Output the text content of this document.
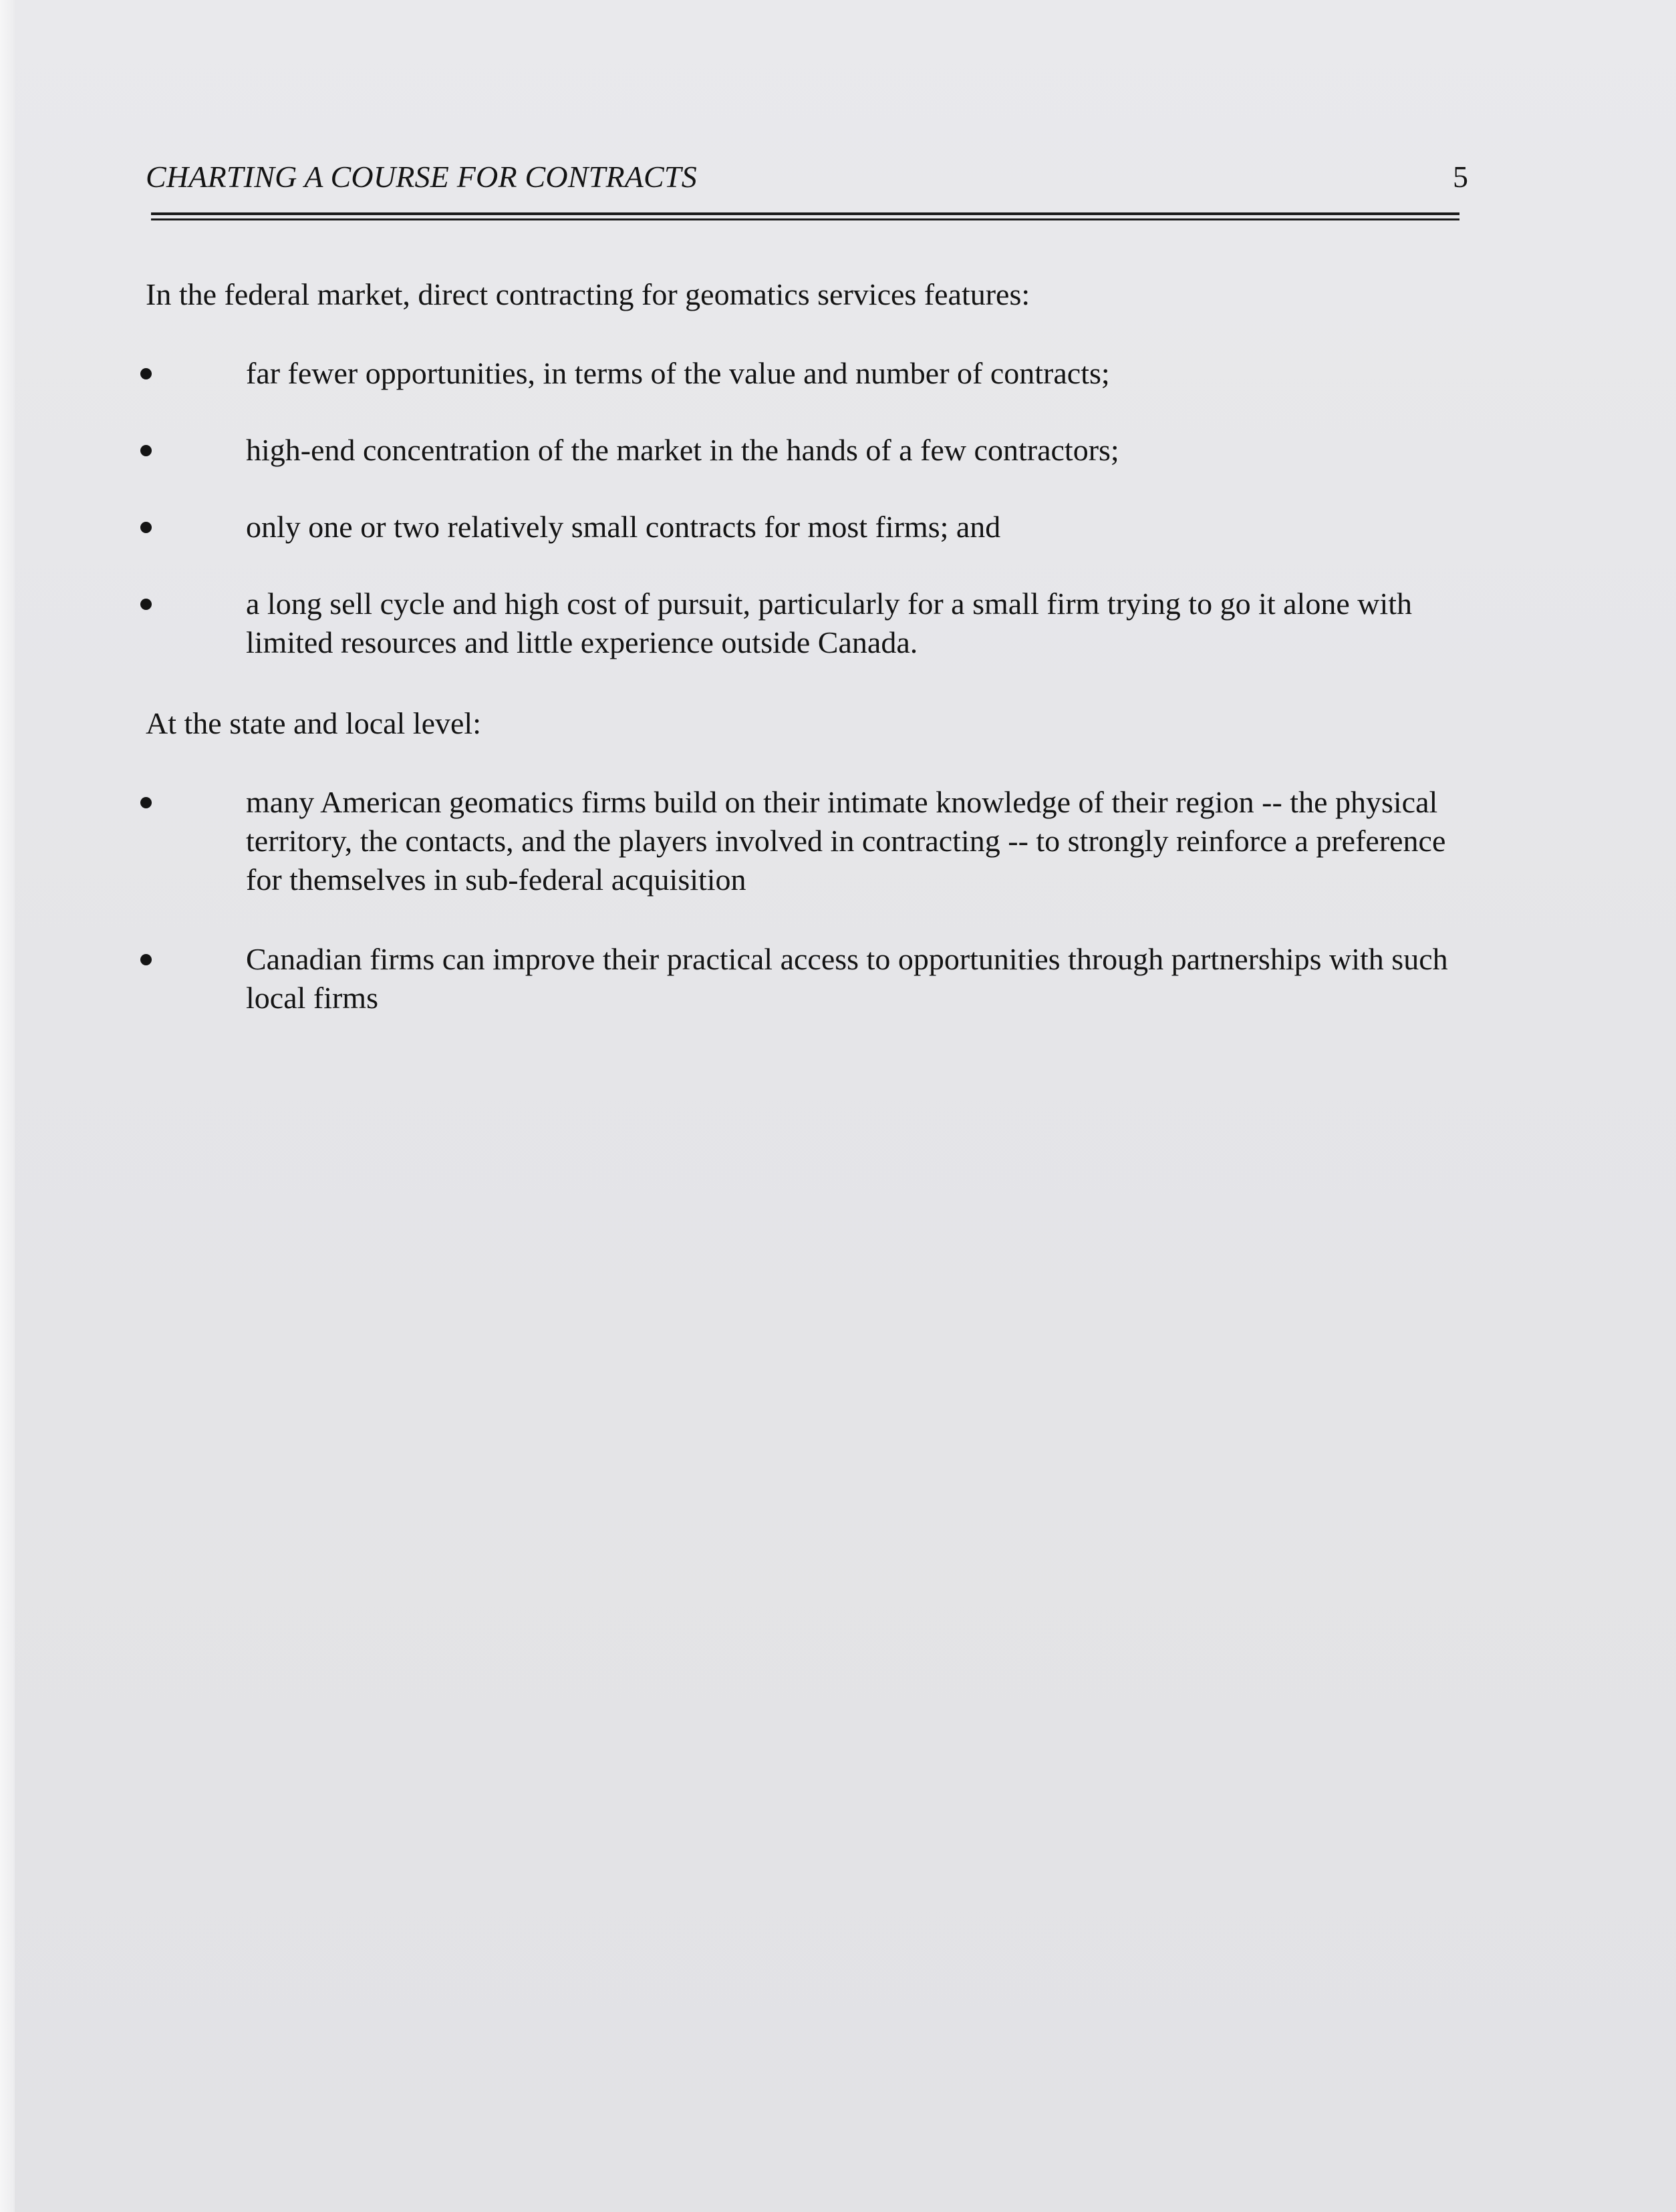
CHARTING A COURSE FOR CONTRACTS	5
In the federal market, direct contracting for geomatics services features:
far fewer opportunities, in terms of the value and number of contracts;
high-end concentration of the market in the hands of a few contractors;
only one or two relatively small contracts for most firms; and
a long sell cycle and high cost of pursuit, particularly for a small firm trying to go it alone with limited resources and little experience outside Canada.
At the state and local level:
many American geomatics firms build on their intimate knowledge of their region -- the physical territory, the contacts, and the players involved in contracting -- to strongly reinforce a preference for themselves in sub-federal acquisition
Canadian firms can improve their practical access to opportunities through partnerships with such local firms
